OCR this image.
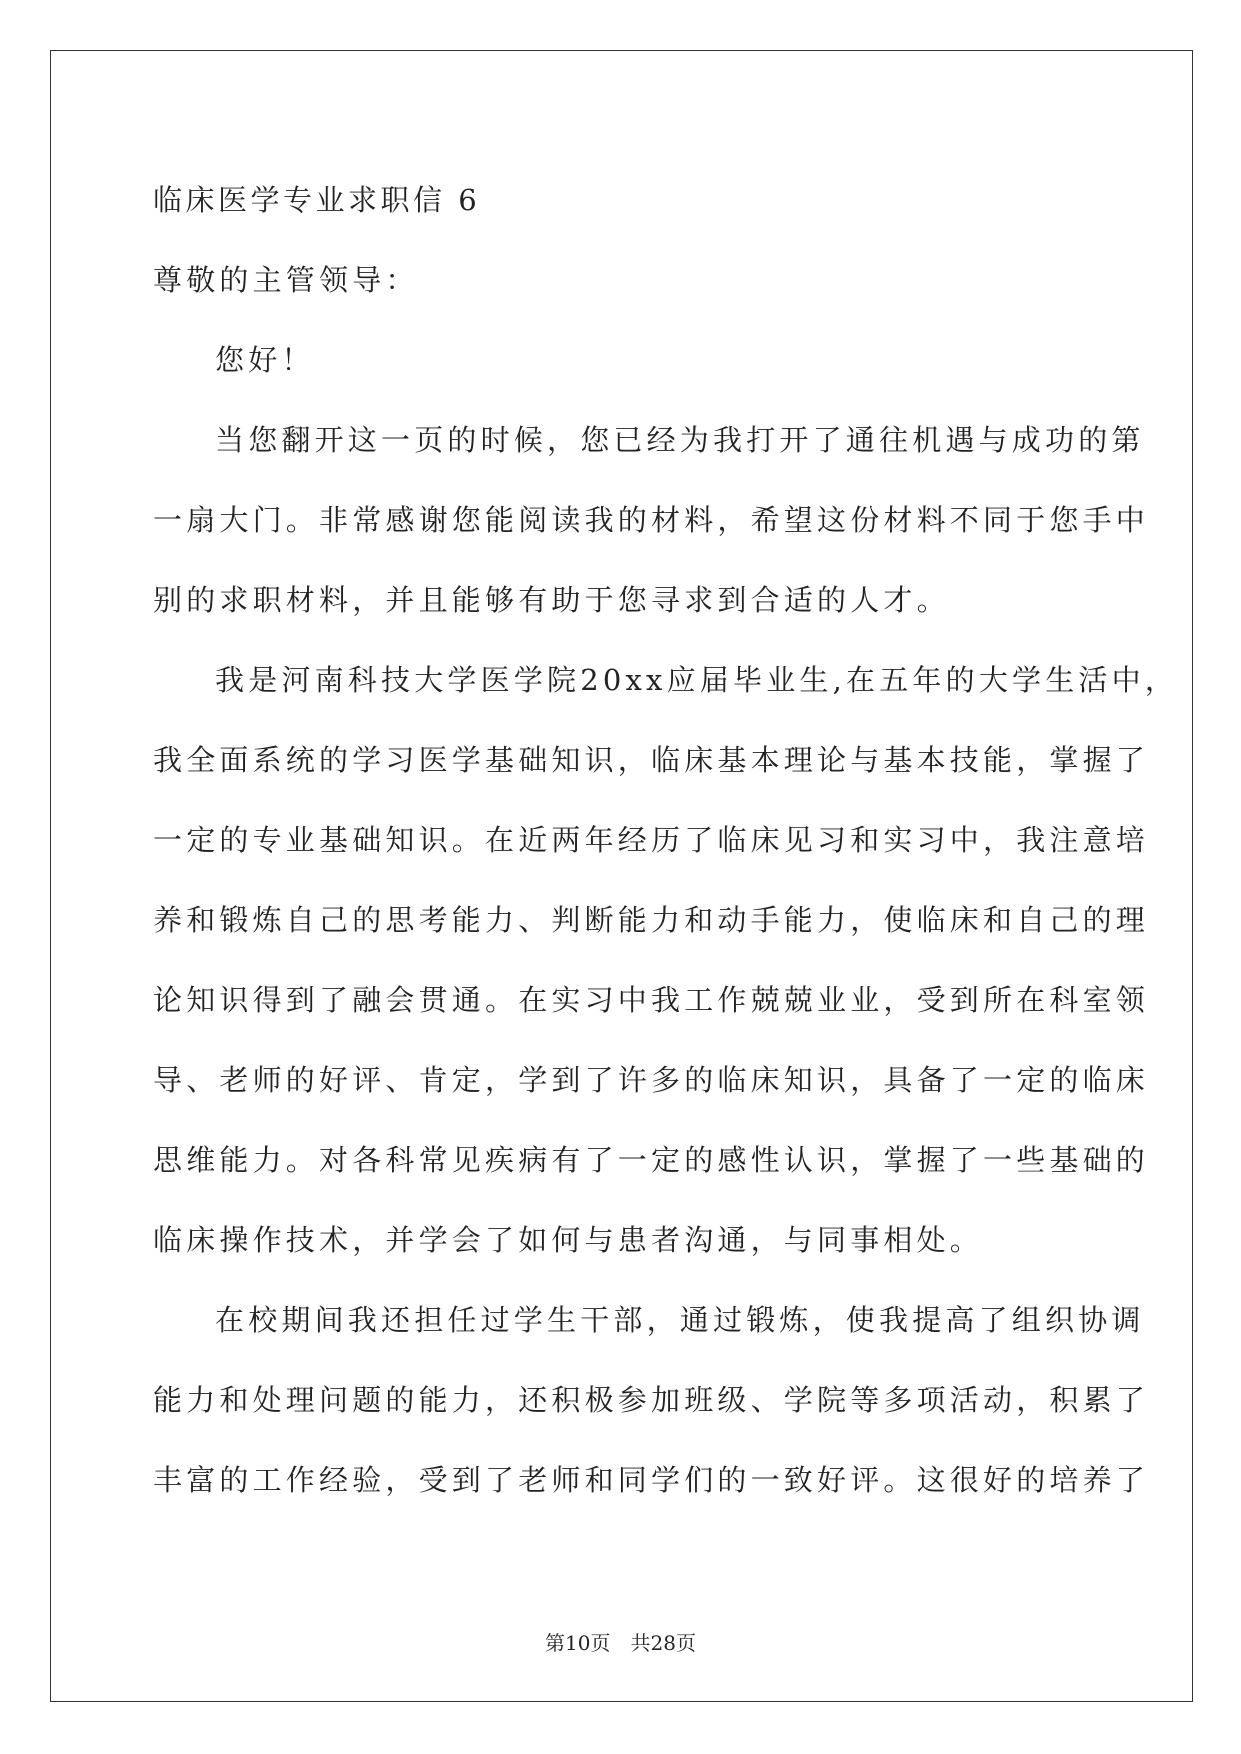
临床医学专业求职信 6

尊敬的主管领导：

您好！

当您翻开这一页的时候，您已经为我打开了通往机遇与成功的第

一扇大门。非常感谢您能阅读我的材料，希望这份材料不同于您手中

别的求职材料，并且能够有助于您寻求到合适的人才。

我是河南科技大学医学院20xx应届毕业生,在五年的大学生活中，

我全面系统的学习医学基础知识，临床基本理论与基本技能，掌握了

一定的专业基础知识。在近两年经历了临床见习和实习中，我注意培

养和锻炼自己的思考能力、判断能力和动手能力，使临床和自己的理

论知识得到了融会贯通。在实习中我工作兢兢业业，受到所在科室领

导、老师的好评、肯定，学到了许多的临床知识，具备了一定的临床

思维能力。对各科常见疾病有了一定的感性认识，掌握了一些基础的

临床操作技术，并学会了如何与患者沟通，与同事相处。

在校期间我还担任过学生干部，通过锻炼，使我提高了组织协调

能力和处理问题的能力，还积极参加班级、学院等多项活动，积累了

丰富的工作经验，受到了老师和同学们的一致好评。这很好的培养了

第10页 共28页
